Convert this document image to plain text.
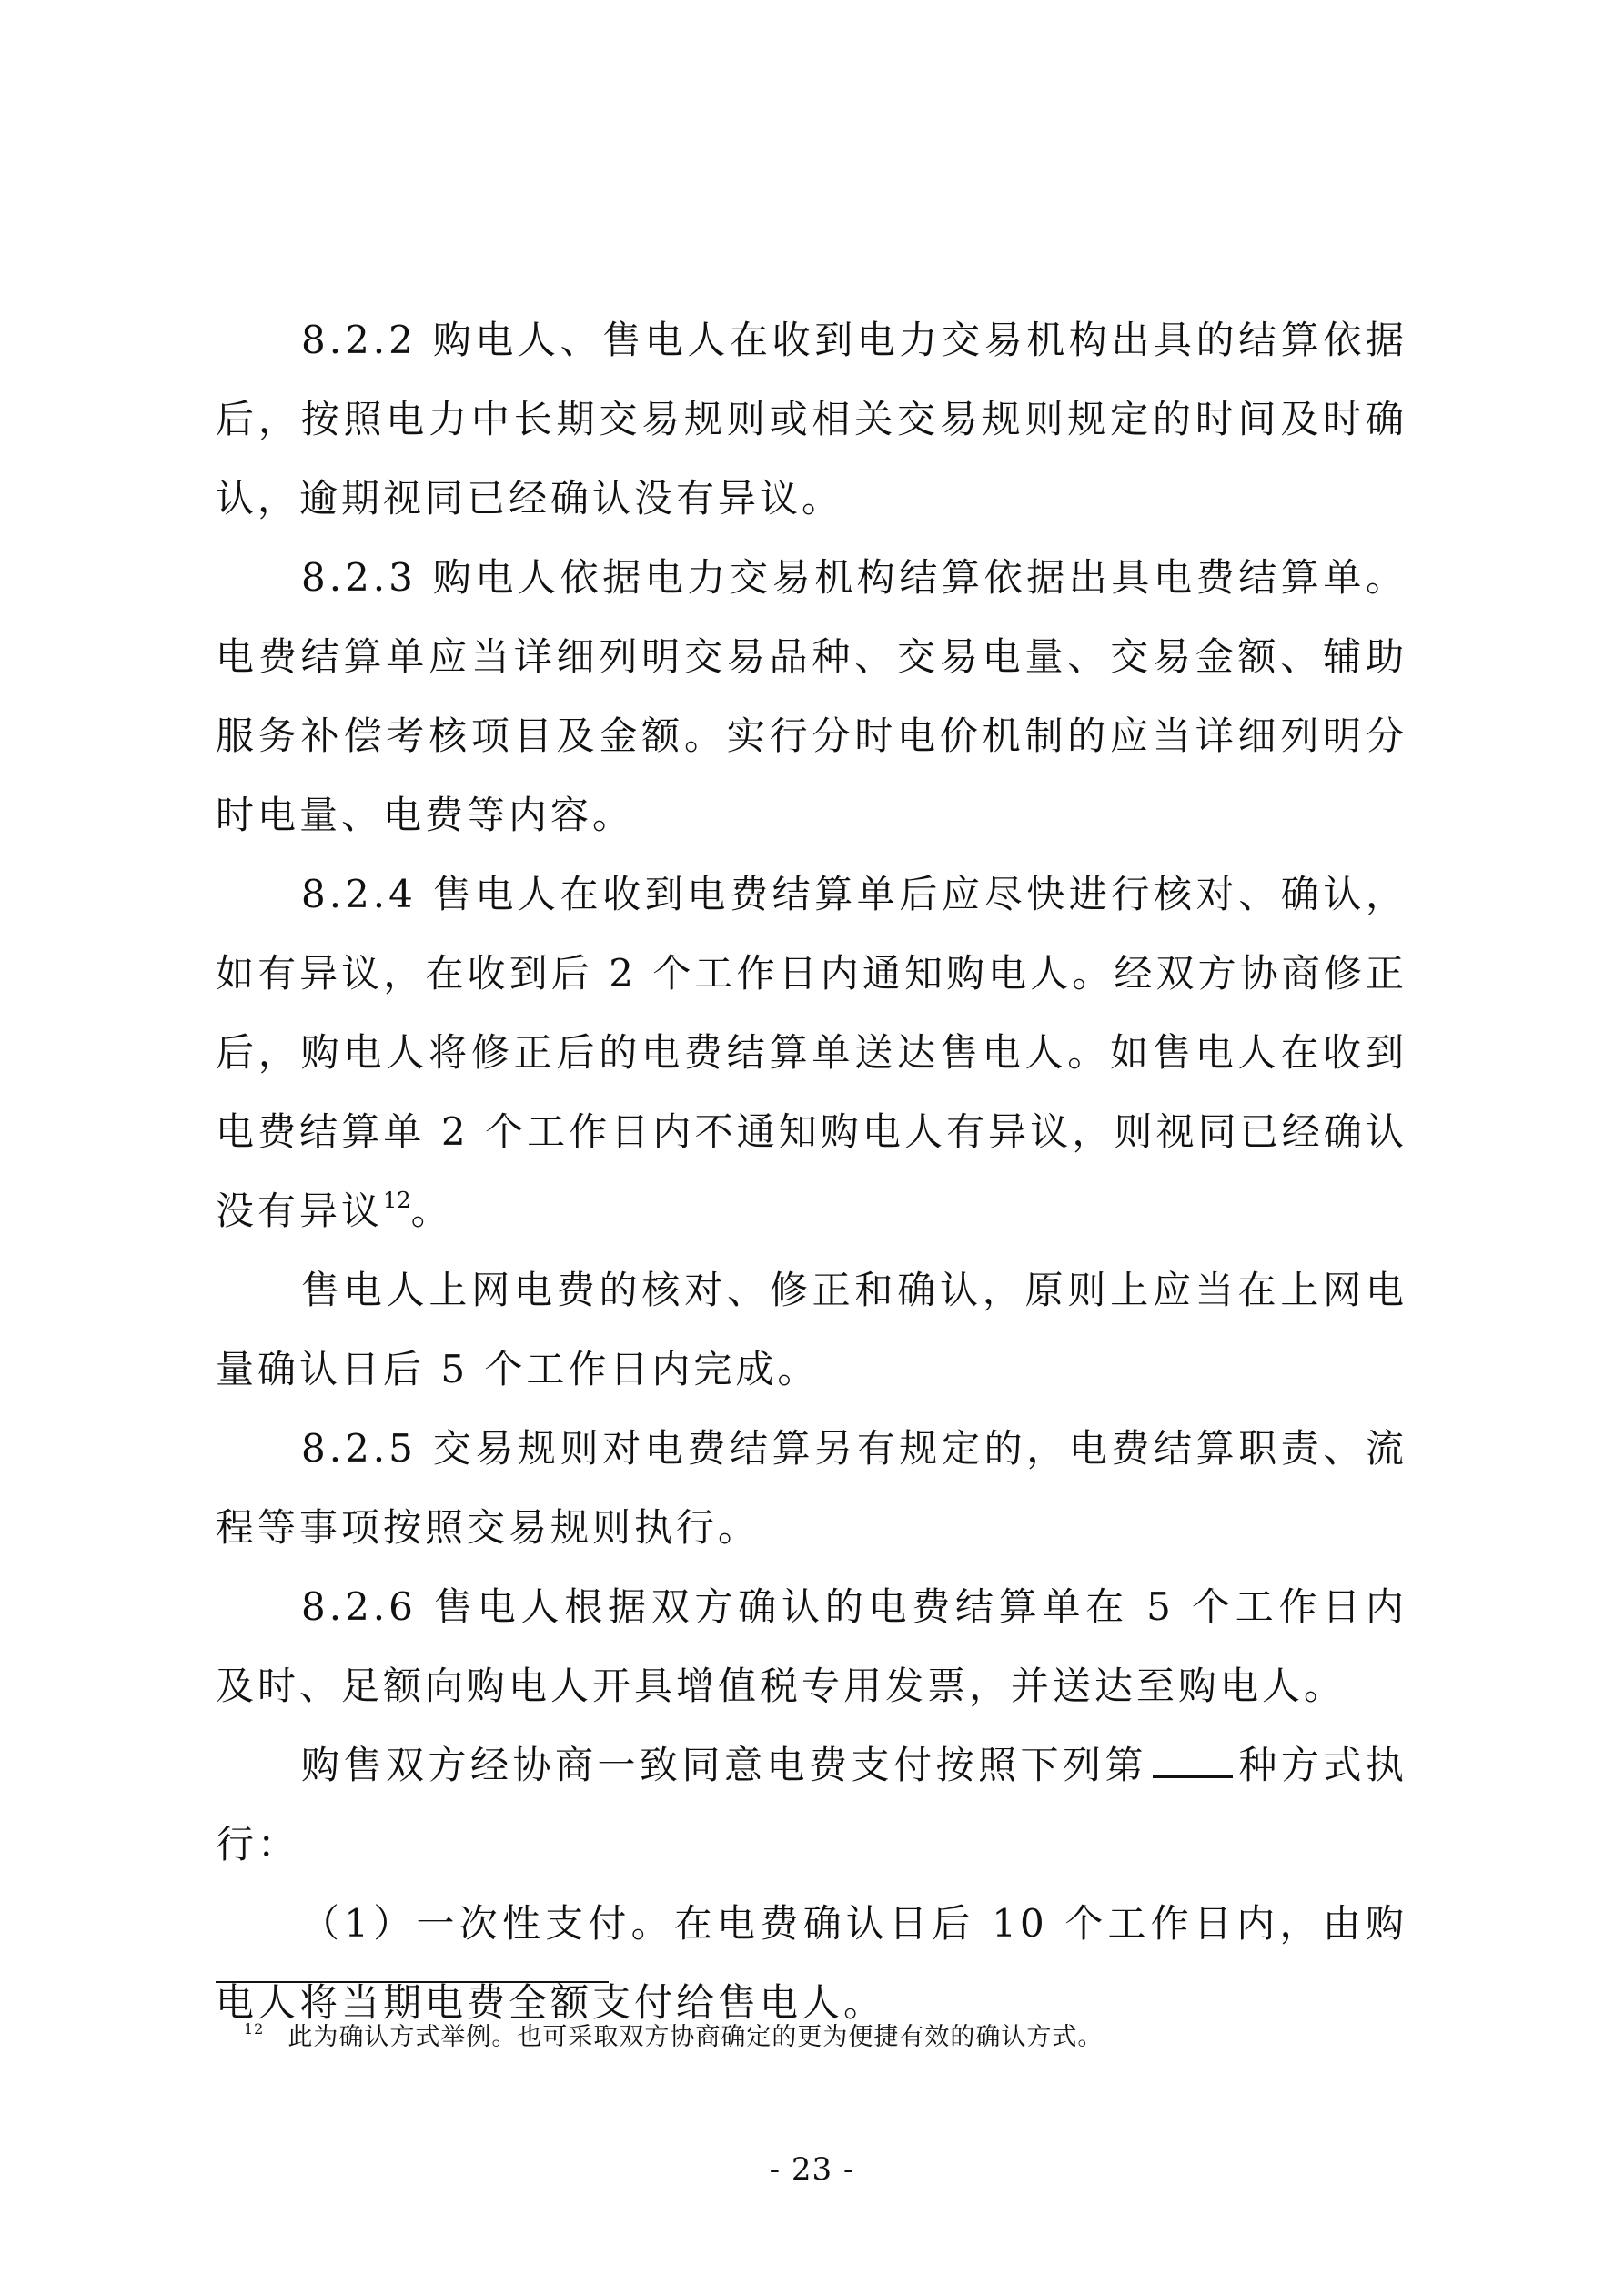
8.2.2 购电人、售电人在收到电力交易机构出具的结算依据后，按照电力中长期交易规则或相关交易规则规定的时间及时确认，逾期视同已经确认没有异议。

8.2.3 购电人依据电力交易机构结算依据出具电费结算单。电费结算单应当详细列明交易品种、交易电量、交易金额、辅助服务补偿考核项目及金额。实行分时电价机制的应当详细列明分时电量、电费等内容。

8.2.4 售电人在收到电费结算单后应尽快进行核对、确认，如有异议，在收到后 2 个工作日内通知购电人。经双方协商修正后，购电人将修正后的电费结算单送达售电人。如售电人在收到电费结算单 2 个工作日内不通知购电人有异议，则视同已经确认没有异议$^{12}$。

售电人上网电费的核对、修正和确认，原则上应当在上网电量确认日后 5 个工作日内完成。

8.2.5 交易规则对电费结算另有规定的，电费结算职责、流程等事项按照交易规则执行。

8.2.6 售电人根据双方确认的电费结算单在 5 个工作日内及时、足额向购电人开具增值税专用发票，并送达至购电人。

购售双方经协商一致同意电费支付按照下列第 种方式执行：

（1）一次性支付。在电费确认日后 10 个工作日内，由购电人将当期电费全额支付给售电人。

$^{12}$ 此为确认方式举例。也可采取双方协商确定的更为便捷有效的确认方式。
- 23 -
